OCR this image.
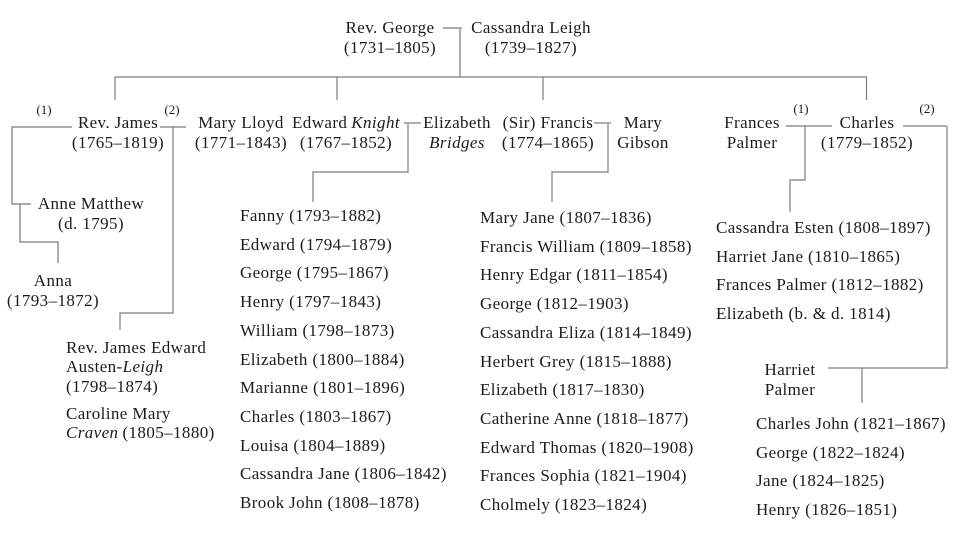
Rev. George
(1731–1805)
Cassandra Leigh
(1739–1827)
(1)
Rev. James
(1765–1819)
(2)
Mary Lloyd
(1771–1843)
Edward Knight
(1767–1852)
Elizabeth
Bridges
(Sir) Francis
(1774–1865)
Mary
Gibson
Frances
Palmer
(1)
Charles
(1779–1852)
(2)
Anne Matthew
(d. 1795)
Anna
(1793–1872)
Rev. James Edward
Austen-Leigh
(1798–1874)
Caroline Mary
Craven (1805–1880)
Fanny (1793–1882)
Edward (1794–1879)
George (1795–1867)
Henry (1797–1843)
William (1798–1873)
Elizabeth (1800–1884)
Marianne (1801–1896)
Charles (1803–1867)
Louisa (1804–1889)
Cassandra Jane (1806–1842)
Brook John (1808–1878)
Mary Jane (1807–1836)
Francis William (1809–1858)
Henry Edgar (1811–1854)
George (1812–1903)
Cassandra Eliza (1814–1849)
Herbert Grey (1815–1888)
Elizabeth (1817–1830)
Catherine Anne (1818–1877)
Edward Thomas (1820–1908)
Frances Sophia (1821–1904)
Cholmely (1823–1824)
Cassandra Esten (1808–1897)
Harriet Jane (1810–1865)
Frances Palmer (1812–1882)
Elizabeth (b. & d. 1814)
Harriet
Palmer
Charles John (1821–1867)
George (1822–1824)
Jane (1824–1825)
Henry (1826–1851)
